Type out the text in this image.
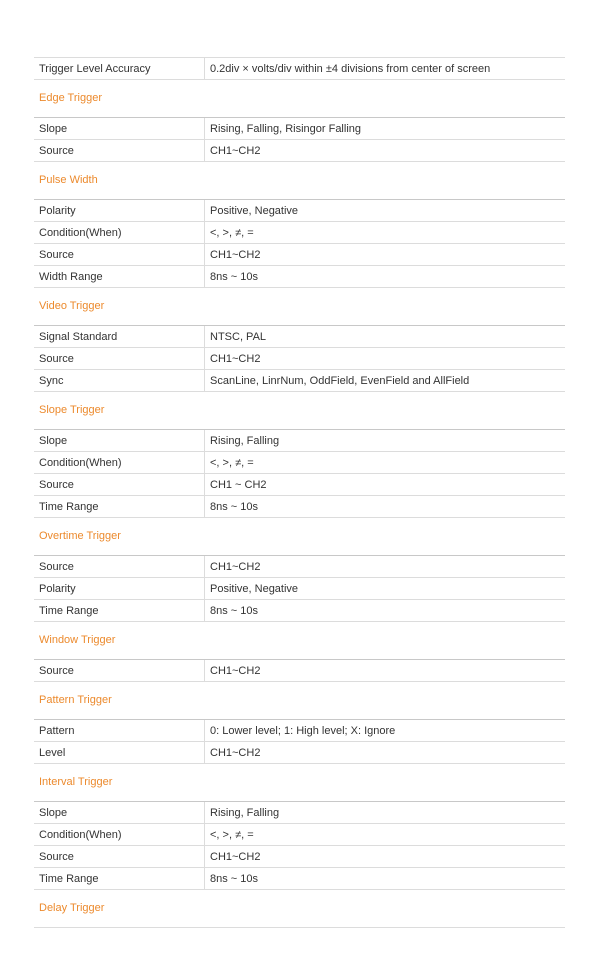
Trigger Level Accuracy	0.2div × volts/div within ±4 divisions from center of screen
Edge Trigger
Slope	Rising, Falling, Risingor Falling
Source	CH1~CH2
Pulse Width
Polarity	Positive, Negative
Condition(When)	<, >, ≠, =
Source	CH1~CH2
Width Range	8ns ~ 10s
Video Trigger
Signal Standard	NTSC, PAL
Source	CH1~CH2
Sync	ScanLine, LinrNum, OddField, EvenField and AllField
Slope Trigger
Slope	Rising, Falling
Condition(When)	<, >, ≠, =
Source	CH1 ~ CH2
Time Range	8ns ~ 10s
Overtime Trigger
Source	CH1~CH2
Polarity	Positive, Negative
Time Range	8ns ~ 10s
Window Trigger
Source	CH1~CH2
Pattern Trigger
Pattern	0: Lower level; 1: High level; X: Ignore
Level	CH1~CH2
Interval Trigger
Slope	Rising, Falling
Condition(When)	<, >, ≠, =
Source	CH1~CH2
Time Range	8ns ~ 10s
Delay Trigger
